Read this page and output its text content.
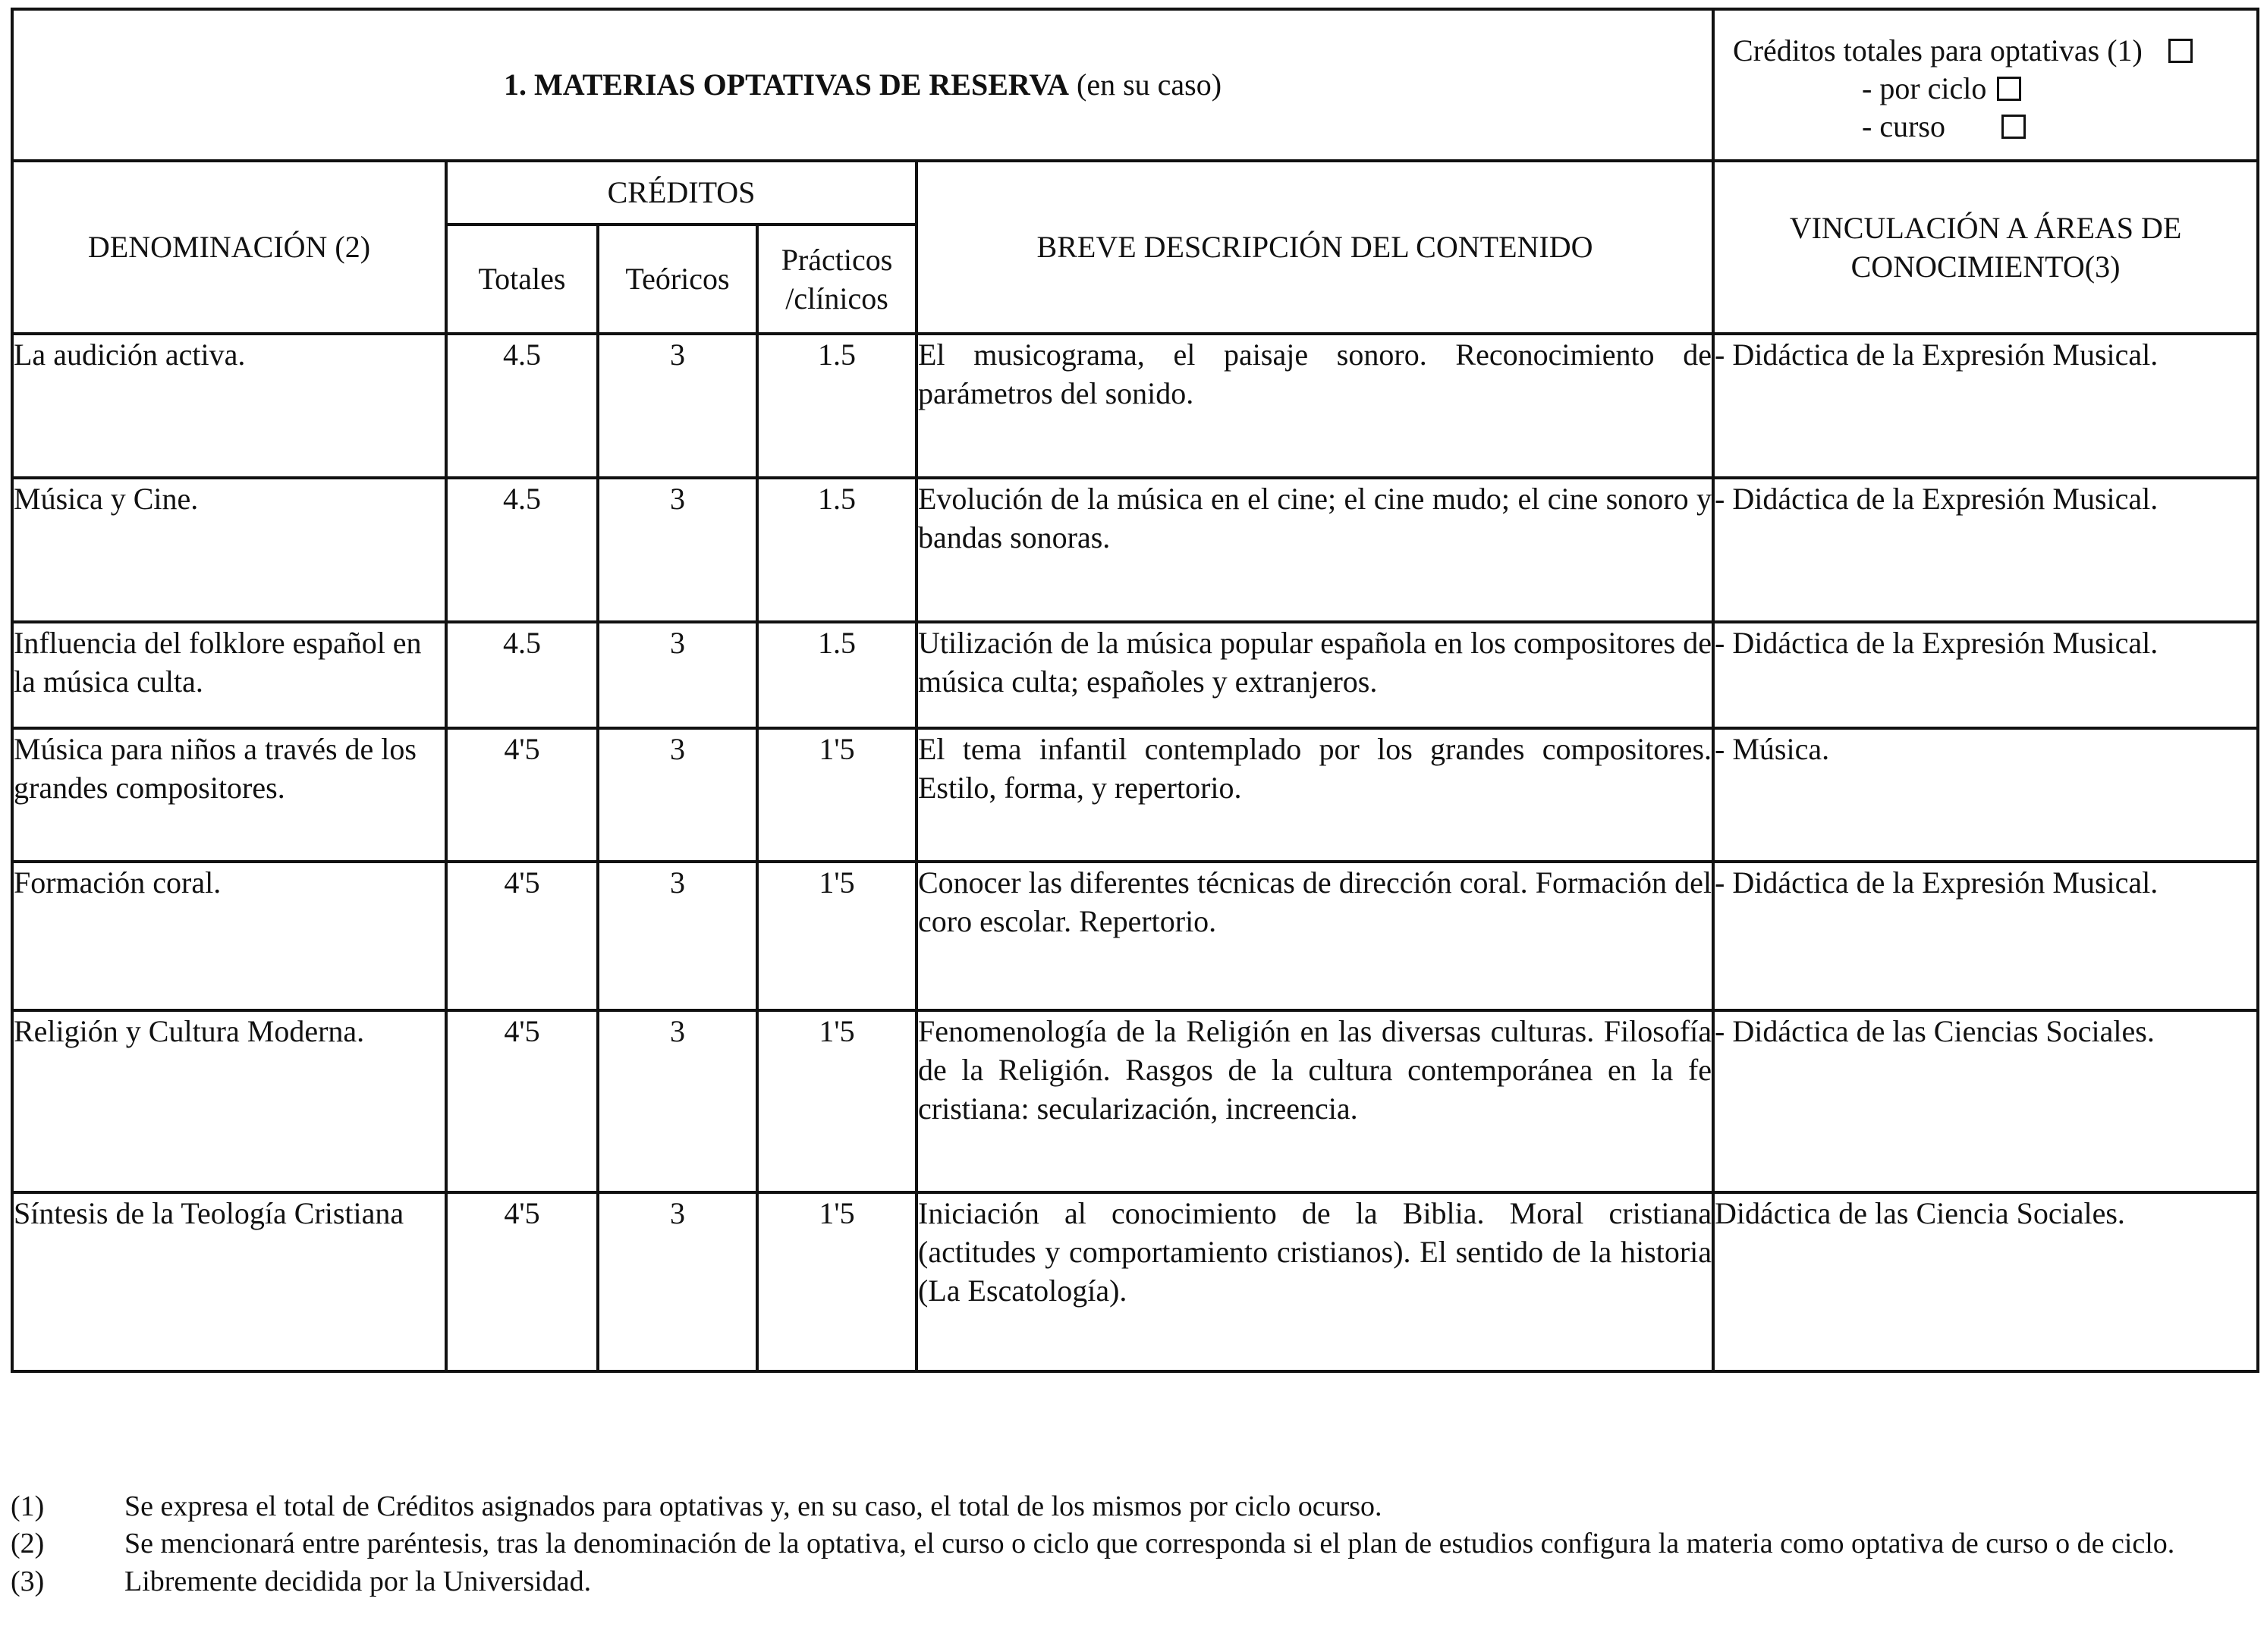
1. MATERIAS OPTATIVAS DE RESERVA (en su caso)					Créditos totales para optativas (1)
- por ciclo
- curso

DENOMINACIÓN (2)	CRÉDITOS			BREVE DESCRIPCIÓN DEL CONTENIDO	VINCULACIÓN A ÁREAS DE CONOCIMIENTO(3)
	Totales	Teóricos	Prácticos /clínicos		
La audición activa.	4.5	3	1.5	El musicograma, el paisaje sonoro. Reconocimiento de parámetros del sonido.	- Didáctica de la Expresión Musical.
Música y Cine.	4.5	3	1.5	Evolución de la música en el cine; el cine mudo; el cine sonoro y bandas sonoras.	- Didáctica de la Expresión Musical.
Influencia del folklore español en la música culta.	4.5	3	1.5	Utilización de la música popular española en los compositores de música culta; españoles y extranjeros.	- Didáctica de la Expresión Musical.
Música para niños a través de los grandes compositores.	4'5	3	1'5	El tema infantil contemplado por los grandes compositores. Estilo, forma, y repertorio.	- Música.
Formación coral.	4'5	3	1'5	Conocer las diferentes técnicas de dirección coral. Formación del coro escolar. Repertorio.	- Didáctica de la Expresión Musical.
Religión y Cultura Moderna.	4'5	3	1'5	Fenomenología de la Religión en las diversas culturas. Filosofía de la Religión. Rasgos de la cultura contemporánea en la fe cristiana: secularización, increencia.	- Didáctica de las Ciencias Sociales.
Síntesis de la Teología Cristiana	4'5	3	1'5	Iniciación al conocimiento de la Biblia. Moral cristiana (actitudes y comportamiento cristianos). El sentido de la historia (La Escatología).	Didáctica de las Ciencia Sociales.
(1)	Se expresa el total de Créditos asignados para optativas y, en su caso, el total de los mismos por ciclo ocurso.
(2)	Se mencionará entre paréntesis, tras la denominación de la optativa, el curso o ciclo que corresponda si el plan de estudios configura la materia como optativa de curso o de ciclo.
(3)	Libremente decidida por la Universidad.
